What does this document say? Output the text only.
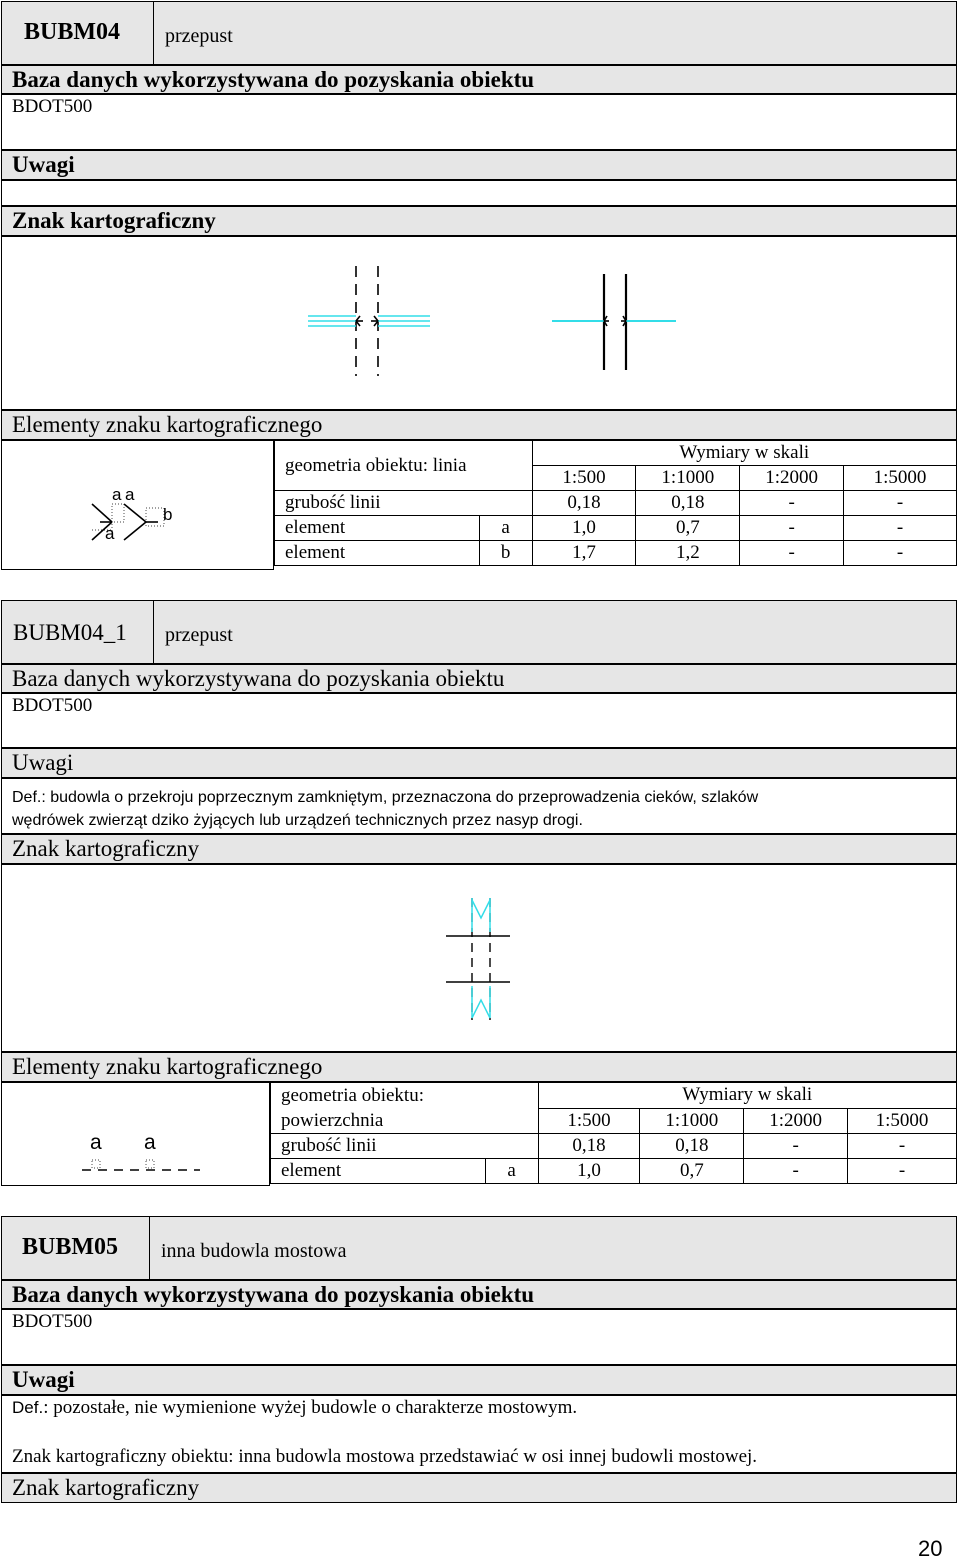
BUBM04 przepust
Baza danych wykorzystywana do pozyskania obiektu
BDOT500
Uwagi
Znak kartograficzny
Elementy znaku kartograficznego
a a
b
a
geometria obiektu: linia		Wymiary w skali			
		1:500	1:1000	1:2000	1:5000
grubość linii		0,18	0,18	-	-
element	a	1,0	0,7	-	-
element	b	1,7	1,2	-	-
BUBM04_1 przepust
Baza danych wykorzystywana do pozyskania obiektu
BDOT500
Uwagi
Def.: budowla o przekroju poprzecznym zamkniętym, przeznaczona do przeprowadzenia cieków, szlaków
wędrówek zwierząt dziko żyjących lub urządzeń technicznych przez nasyp drogi.
Znak kartograficzny
Elementy znaku kartograficznego
a a
geometria obiektu:
powierzchnia		Wymiary w skali			
		1:500	1:1000	1:2000	1:5000
grubość linii		0,18	0,18	-	-
element	a	1,0	0,7	-	-
BUBM05 inna budowla mostowa
Baza danych wykorzystywana do pozyskania obiektu
BDOT500
Uwagi
Def.: pozostałe, nie wymienione wyżej budowle o charakterze mostowym.
Znak kartograficzny obiektu: inna budowla mostowa przedstawiać w osi innej budowli mostowej.
Znak kartograficzny
20
